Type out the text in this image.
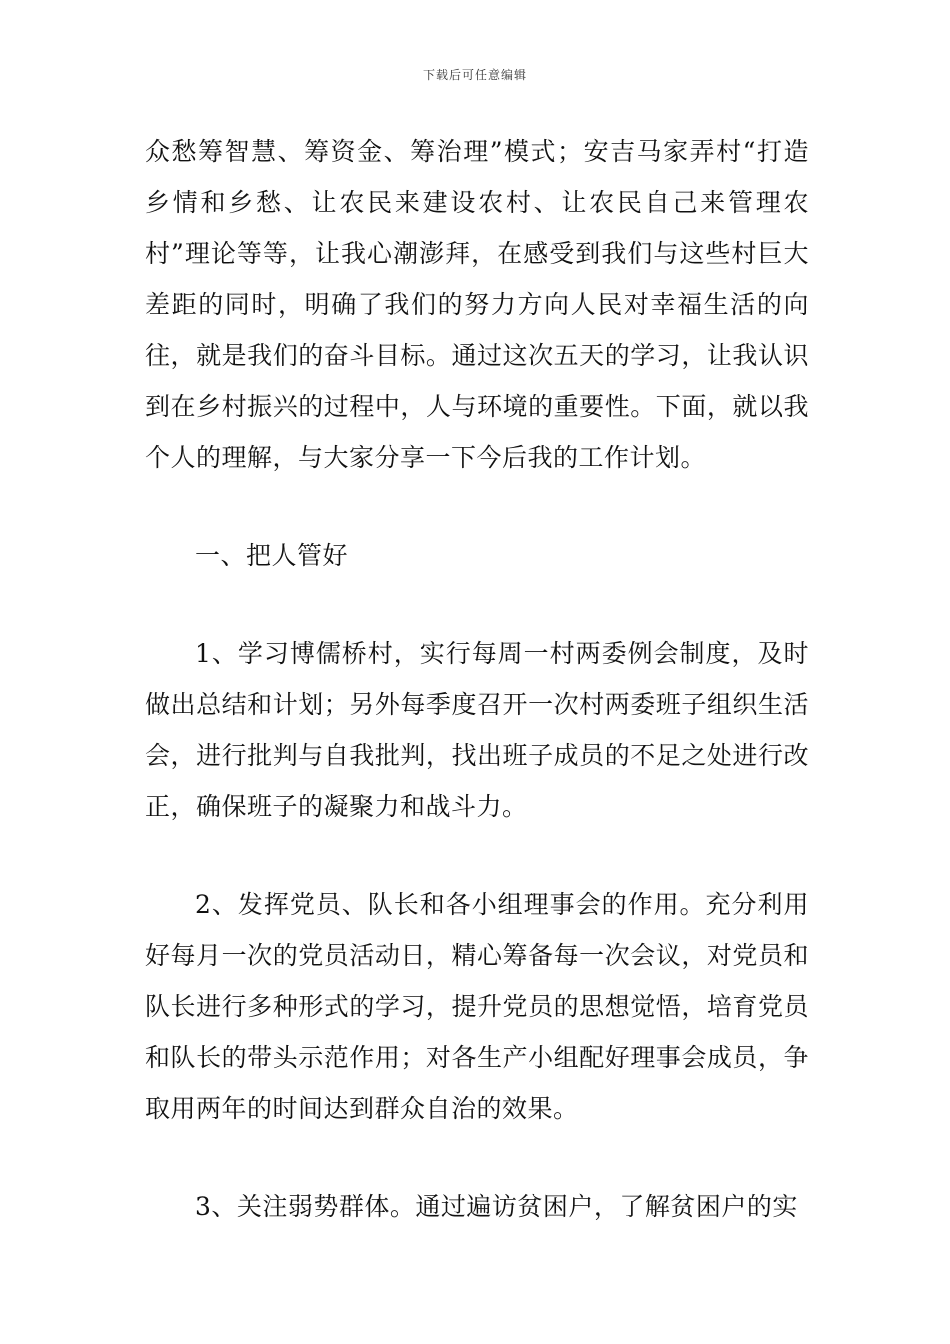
下载后可任意编辑

众愁筹智慧、筹资金、筹治理”模式；安吉马家弄村“打造乡情和乡愁、让农民来建设农村、让农民自己来管理农村”理论等等，让我心潮澎拜，在感受到我们与这些村巨大差距的同时，明确了我们的努力方向人民对幸福生活的向往，就是我们的奋斗目标。通过这次五天的学习，让我认识到在乡村振兴的过程中，人与环境的重要性。下面，就以我个人的理解，与大家分享一下今后我的工作计划。

一、把人管好

1、学习博儒桥村，实行每周一村两委例会制度，及时做出总结和计划；另外每季度召开一次村两委班子组织生活会，进行批判与自我批判，找出班子成员的不足之处进行改正，确保班子的凝聚力和战斗力。

2、发挥党员、队长和各小组理事会的作用。充分利用好每月一次的党员活动日，精心筹备每一次会议，对党员和队长进行多种形式的学习，提升党员的思想觉悟，培育党员和队长的带头示范作用；对各生产小组配好理事会成员，争取用两年的时间达到群众自治的效果。

3、关注弱势群体。通过遍访贫困户，了解贫困户的实
